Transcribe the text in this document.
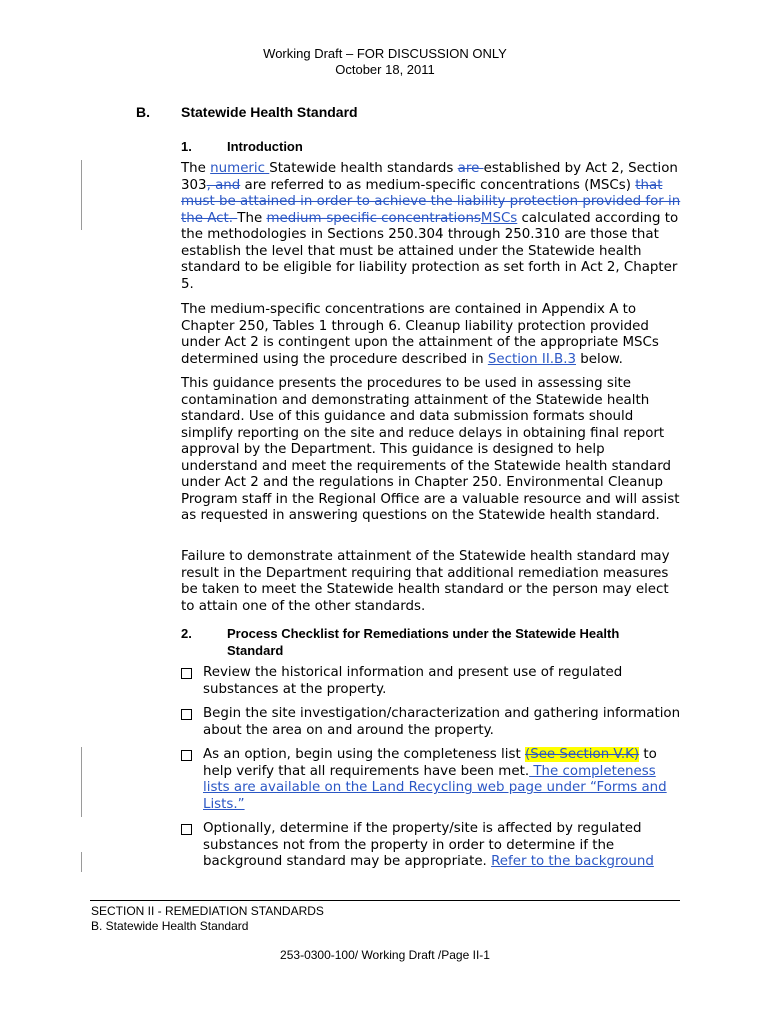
Working Draft – FOR DISCUSSION ONLY
October 18, 2011
B. Statewide Health Standard
1.	Introduction
The numeric Statewide health standards are established by Act 2, Section 303, and are referred to as medium-specific concentrations (MSCs) that must be attained in order to achieve the liability protection provided for in the Act. The medium-specific concentrationsMSCs calculated according to the methodologies in Sections 250.304 through 250.310 are those that establish the level that must be attained under the Statewide health standard to be eligible for liability protection as set forth in Act 2, Chapter 5.
The medium-specific concentrations are contained in Appendix A to Chapter 250, Tables 1 through 6. Cleanup liability protection provided under Act 2 is contingent upon the attainment of the appropriate MSCs determined using the procedure described in Section II.B.3 below.
This guidance presents the procedures to be used in assessing site contamination and demonstrating attainment of the Statewide health standard. Use of this guidance and data submission formats should simplify reporting on the site and reduce delays in obtaining final report approval by the Department. This guidance is designed to help understand and meet the requirements of the Statewide health standard under Act 2 and the regulations in Chapter 250. Environmental Cleanup Program staff in the Regional Office are a valuable resource and will assist as requested in answering questions on the Statewide health standard.
Failure to demonstrate attainment of the Statewide health standard may result in the Department requiring that additional remediation measures be taken to meet the Statewide health standard or the person may elect to attain one of the other standards.
2.	Process Checklist for Remediations under the Statewide Health Standard
Review the historical information and present use of regulated substances at the property.
Begin the site investigation/characterization and gathering information about the area on and around the property.
As an option, begin using the completeness list (See Section V.K) to help verify that all requirements have been met. The completeness lists are available on the Land Recycling web page under “Forms and Lists.”
Optionally, determine if the property/site is affected by regulated substances not from the property in order to determine if the background standard may be appropriate. Refer to the background
SECTION II - REMEDIATION STANDARDS
B. Statewide Health Standard
253-0300-100/ Working Draft /Page II-1
